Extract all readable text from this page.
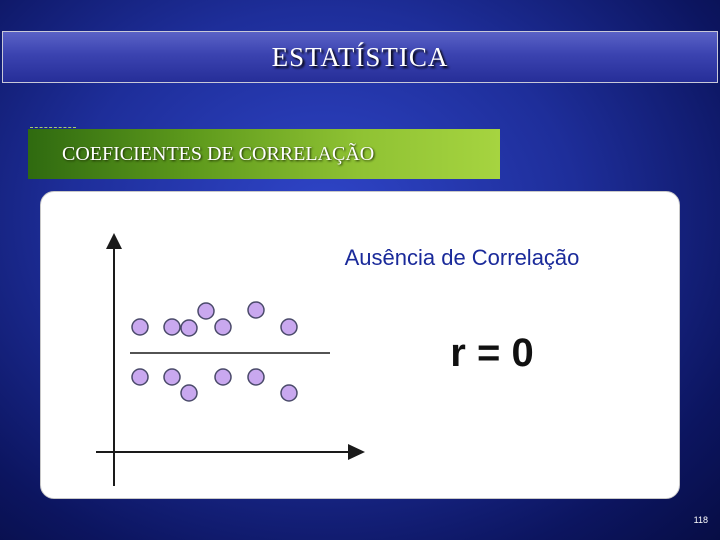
ESTATÍSTICA
COEFICIENTES DE CORRELAÇÃO
Ausência de Correlação
r = 0
118
